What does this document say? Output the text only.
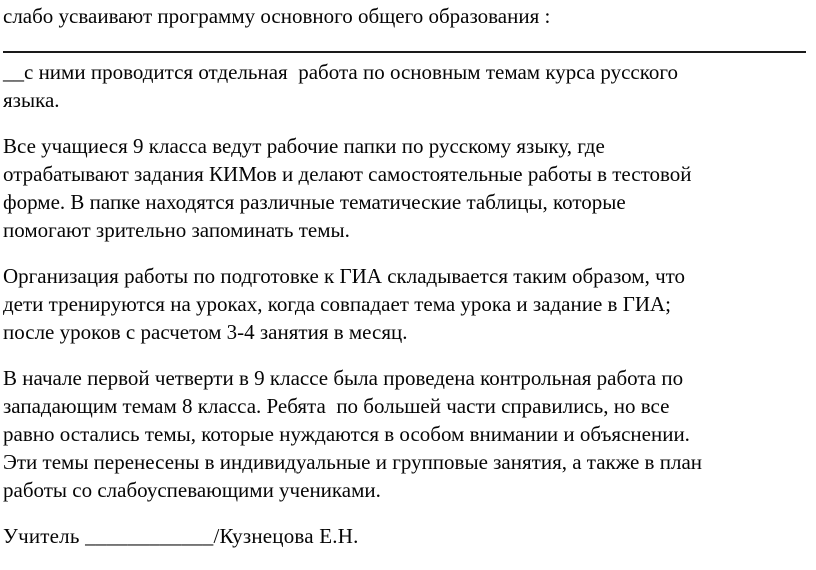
слабо усваивают программу основного общего образования :
__с ними проводится отдельная  работа по основным темам курса русского
языка.
Все учащиеся 9 класса ведут рабочие папки по русскому языку, где
отрабатывают задания КИМов и делают самостоятельные работы в тестовой
форме. В папке находятся различные тематические таблицы, которые
помогают зрительно запоминать темы.
Организация работы по подготовке к ГИА складывается таким образом, что
дети тренируются на уроках, когда совпадает тема урока и задание в ГИА;
после уроков с расчетом 3-4 занятия в месяц.
В начале первой четверти в 9 классе была проведена контрольная работа по
западающим темам 8 класса. Ребята  по большей части справились, но все
равно остались темы, которые нуждаются в особом внимании и объяснении.
Эти темы перенесены в индивидуальные и групповые занятия, а также в план
работы со слабоуспевающими учениками.
Учитель ____________/Кузнецова Е.Н.
